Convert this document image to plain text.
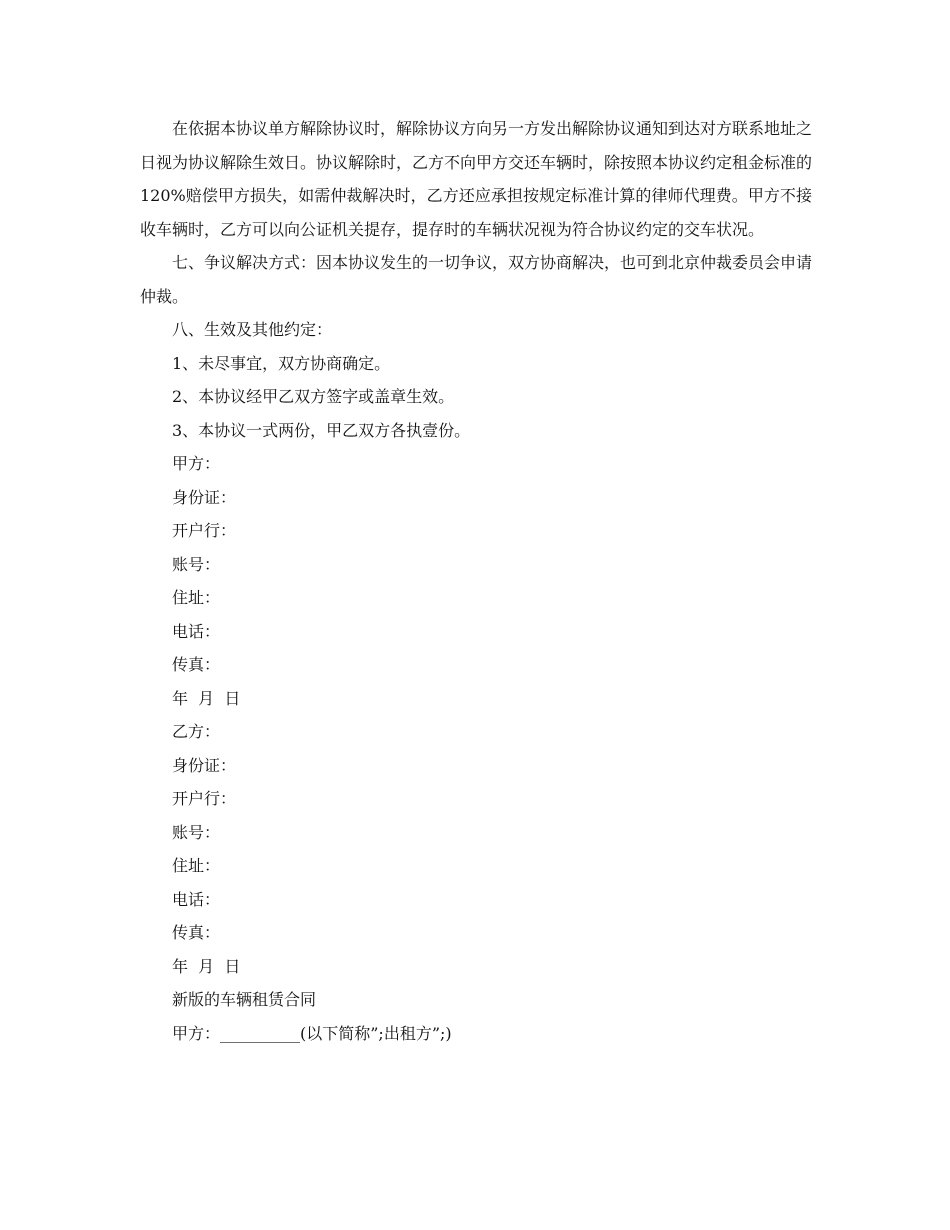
在依据本协议单方解除协议时，解除协议方向另一方发出解除协议通知到达对方联系地址之日视为协议解除生效日。协议解除时，乙方不向甲方交还车辆时，除按照本协议约定租金标准的120%赔偿甲方损失，如需仲裁解决时，乙方还应承担按规定标准计算的律师代理费。甲方不接收车辆时，乙方可以向公证机关提存，提存时的车辆状况视为符合协议约定的交车状况。

七、争议解决方式：因本协议发生的一切争议，双方协商解决，也可到北京仲裁委员会申请仲裁。

八、生效及其他约定：

1、未尽事宜，双方协商确定。

2、本协议经甲乙双方签字或盖章生效。

3、本协议一式两份，甲乙双方各执壹份。

甲方：

身份证：

开户行：

账号：

住址：

电话：

传真：

年  月  日

乙方：

身份证：

开户行：

账号：

住址：

电话：

传真：

年  月  日

新版的车辆租赁合同

甲方：__________(以下简称”;出租方”;)
